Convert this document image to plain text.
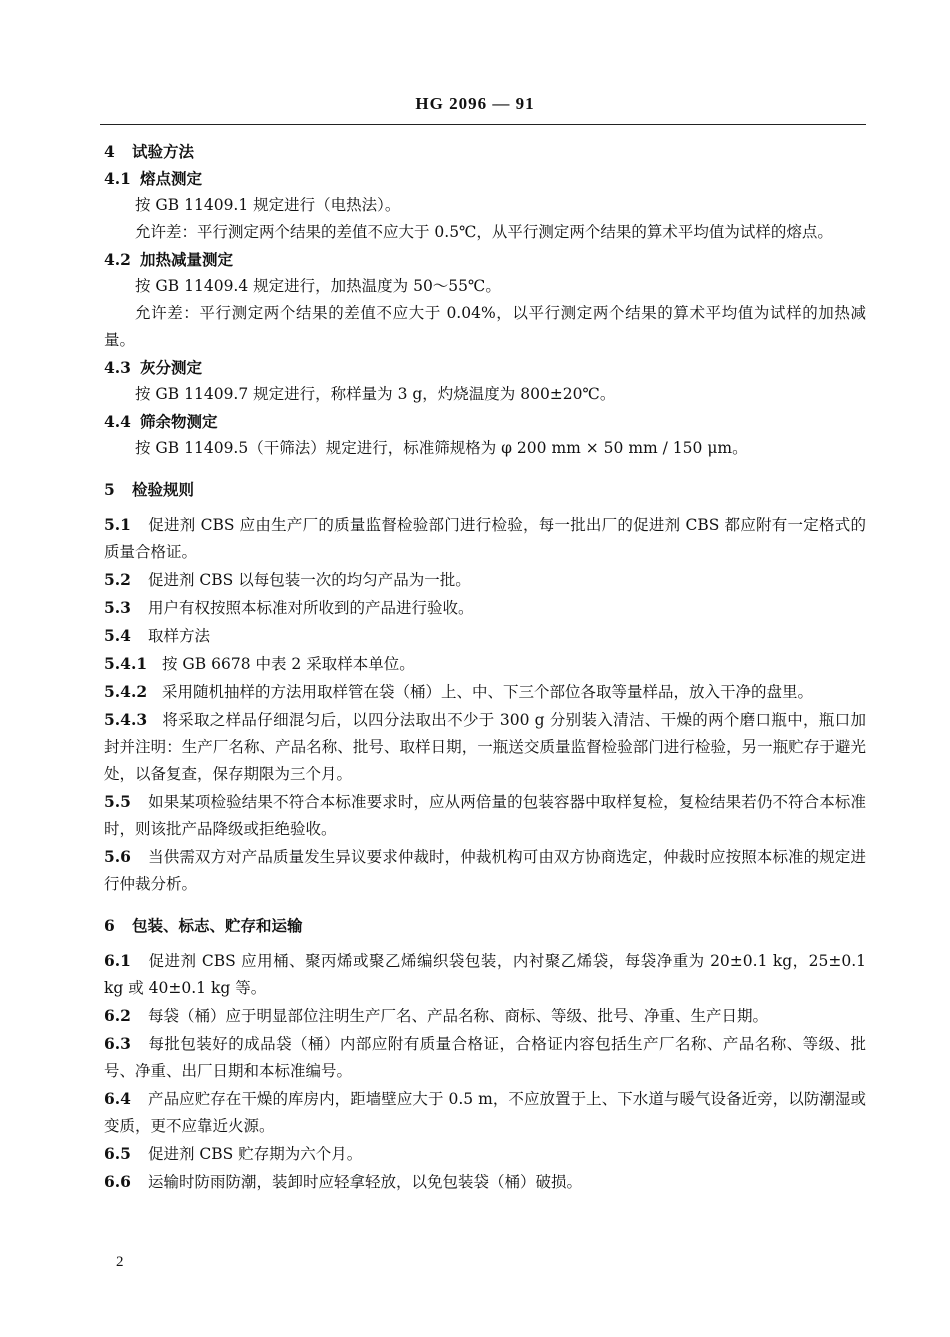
HG 2096 — 91
4 试验方法
4.1 熔点测定
按 GB 11409.1 规定进行（电热法）。
允许差：平行测定两个结果的差值不应大于 0.5℃，从平行测定两个结果的算术平均值为试样的熔点。
4.2 加热减量测定
按 GB 11409.4 规定进行，加热温度为 50～55℃。
允许差：平行测定两个结果的差值不应大于 0.04%，以平行测定两个结果的算术平均值为试样的加热减量。
4.3 灰分测定
按 GB 11409.7 规定进行，称样量为 3 g，灼烧温度为 800±20℃。
4.4 筛余物测定
按 GB 11409.5（干筛法）规定进行，标准筛规格为 φ 200 mm × 50 mm / 150 μm。
5 检验规则
5.1 促进剂 CBS 应由生产厂的质量监督检验部门进行检验，每一批出厂的促进剂 CBS 都应附有一定格式的质量合格证。
5.2 促进剂 CBS 以每包装一次的均匀产品为一批。
5.3 用户有权按照本标准对所收到的产品进行验收。
5.4 取样方法
5.4.1 按 GB 6678 中表 2 采取样本单位。
5.4.2 采用随机抽样的方法用取样管在袋（桶）上、中、下三个部位各取等量样品，放入干净的盘里。
5.4.3 将采取之样品仔细混匀后，以四分法取出不少于 300 g 分别装入清洁、干燥的两个磨口瓶中，瓶口加封并注明：生产厂名称、产品名称、批号、取样日期，一瓶送交质量监督检验部门进行检验，另一瓶贮存于避光处，以备复查，保存期限为三个月。
5.5 如果某项检验结果不符合本标准要求时，应从两倍量的包装容器中取样复检，复检结果若仍不符合本标准时，则该批产品降级或拒绝验收。
5.6 当供需双方对产品质量发生异议要求仲裁时，仲裁机构可由双方协商选定，仲裁时应按照本标准的规定进行仲裁分析。
6 包装、标志、贮存和运输
6.1 促进剂 CBS 应用桶、聚丙烯或聚乙烯编织袋包装，内衬聚乙烯袋，每袋净重为 20±0.1 kg，25±0.1 kg 或 40±0.1 kg 等。
6.2 每袋（桶）应于明显部位注明生产厂名、产品名称、商标、等级、批号、净重、生产日期。
6.3 每批包装好的成品袋（桶）内部应附有质量合格证，合格证内容包括生产厂名称、产品名称、等级、批号、净重、出厂日期和本标准编号。
6.4 产品应贮存在干燥的库房内，距墙壁应大于 0.5 m，不应放置于上、下水道与暖气设备近旁，以防潮湿或变质，更不应靠近火源。
6.5 促进剂 CBS 贮存期为六个月。
6.6 运输时防雨防潮，装卸时应轻拿轻放，以免包装袋（桶）破损。
2
